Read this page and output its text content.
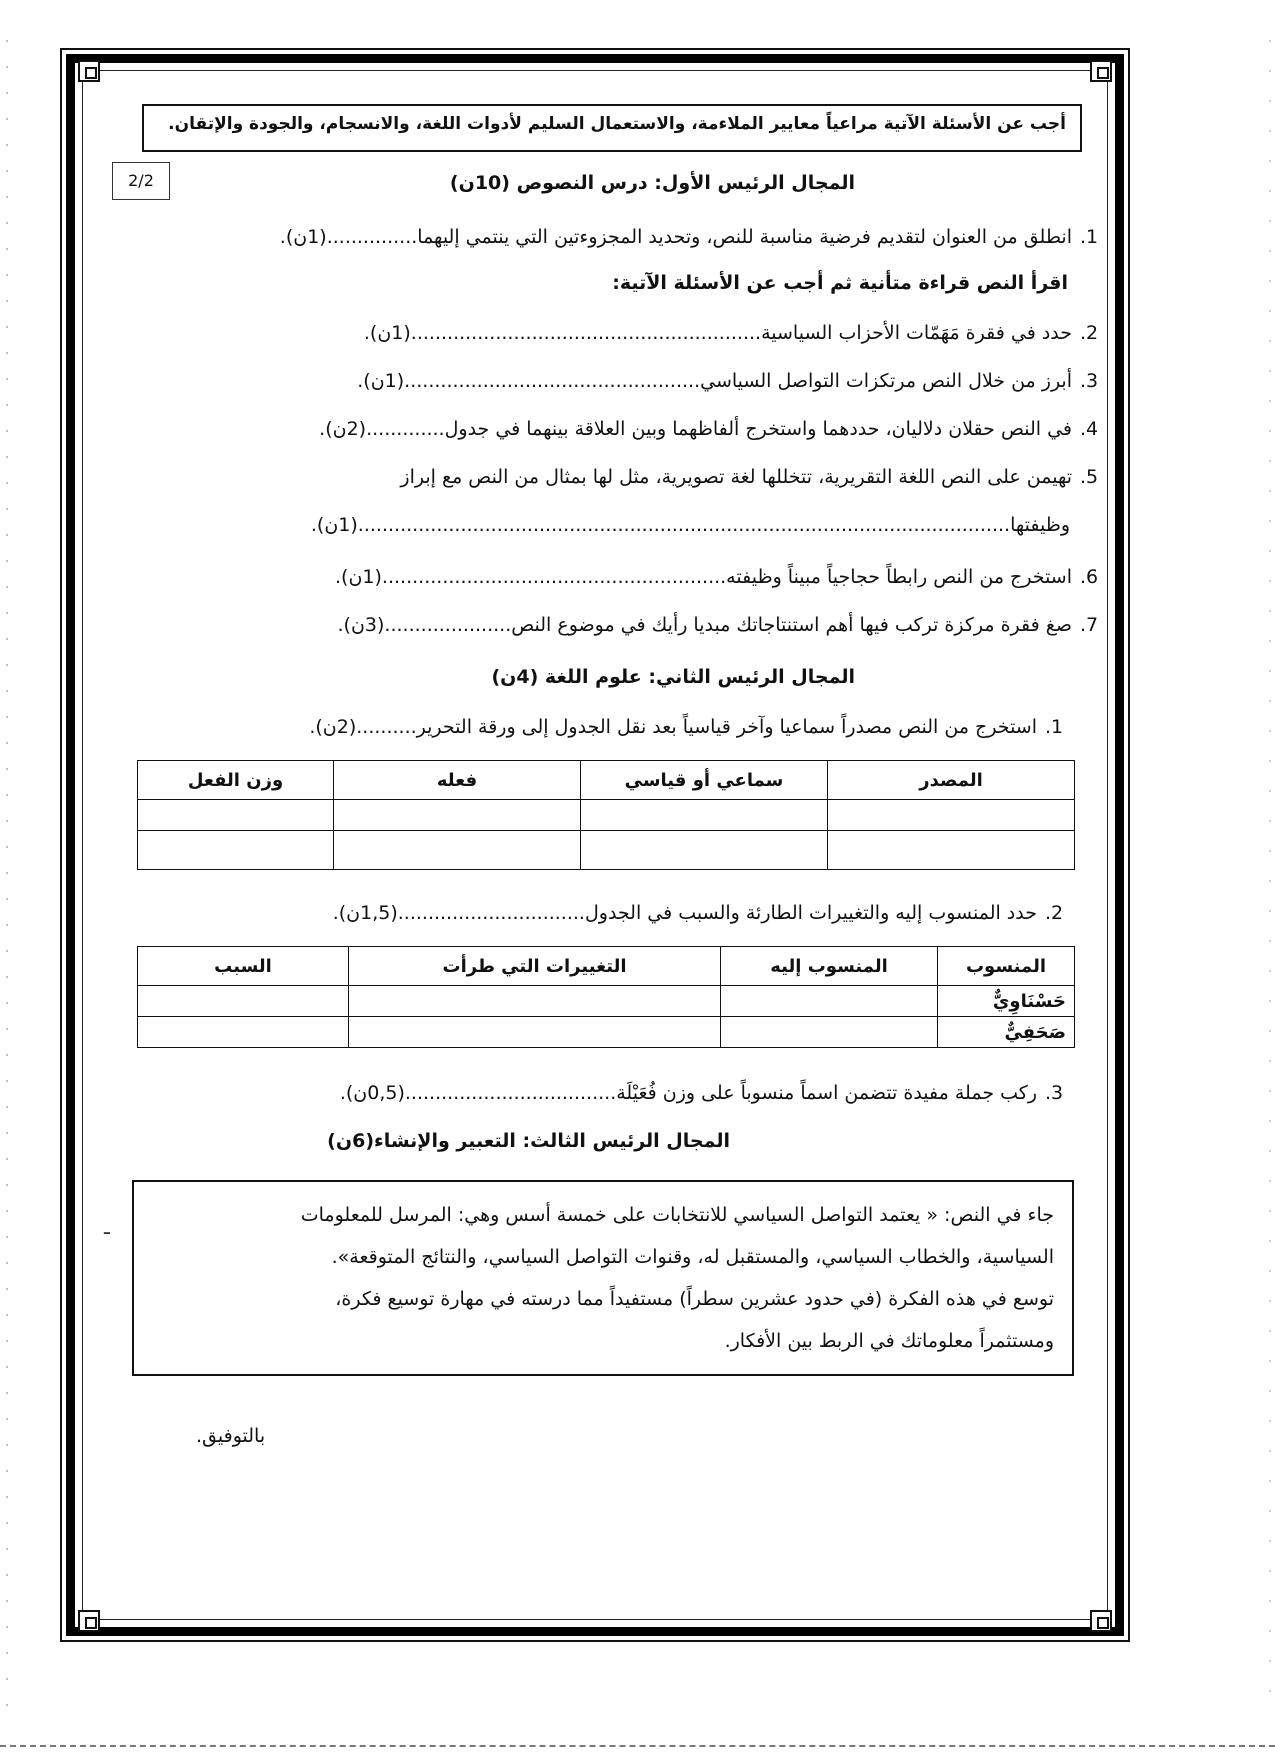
أجب عن الأسئلة الآتية مراعياً معايير الملاءمة، والاستعمال السليم لأدوات اللغة، والانسجام، والجودة والإتقان.
2/2	المجال الرئيس الأول: درس النصوص (10ن)
1.انطلق من العنوان لتقديم فرضية مناسبة للنص، وتحديد المجزوءتين التي ينتمي إليهما...............(1ن).
اقرأ النص قراءة متأنية ثم أجب عن الأسئلة الآتية:
2.حدد في فقرة مَهَمّات الأحزاب السياسية..........................................................(1ن).
3.أبرز من خلال النص مرتكزات التواصل السياسي.................................................(1ن).
4.في النص حقلان دلاليان، حددهما واستخرج ألفاظهما وبين العلاقة بينهما في جدول.............(2ن).
5.تهيمن على النص اللغة التقريرية، تتخللها لغة تصويرية، مثل لها بمثال من النص مع إبراز
وظيفتها............................................................................................................(1ن).
6.استخرج من النص رابطاً حجاجياً مبيناً وظيفته.........................................................(1ن).
7.صغ فقرة مركزة تركب فيها أهم استنتاجاتك مبديا رأيك في موضوع النص.....................(3ن).
المجال الرئيس الثاني: علوم اللغة (4ن)
1.استخرج من النص مصدراً سماعيا وآخر قياسياً بعد نقل الجدول إلى ورقة التحرير..........(2ن).
المصدر	سماعي أو قياسي	فعله	وزن الفعل

2.حدد المنسوب إليه والتغييرات الطارئة والسبب في الجدول...............................(1,5ن).
المنسوب	المنسوب إليه	التغييرات التي طرأت	السبب
حَسْنَاوِيٌّ			
صَحَفِيٌّ			
3.ركب جملة مفيدة تتضمن اسماً منسوباً على وزن فُعَيْلَة...................................(0,5ن).
المجال الرئيس الثالث: التعبير والإنشاء(6ن)
ـ	جاء في النص: « يعتمد التواصل السياسي للانتخابات على خمسة أسس وهي: المرسل للمعلومات

السياسية، والخطاب السياسي، والمستقبل له، وقنوات التواصل السياسي، والنتائج المتوقعة».

توسع في هذه الفكرة (في حدود عشرين سطراً) مستفيداً مما درسته في مهارة توسيع فكرة،

ومستثمراً معلوماتك في الربط بين الأفكار.

بالتوفيق.
